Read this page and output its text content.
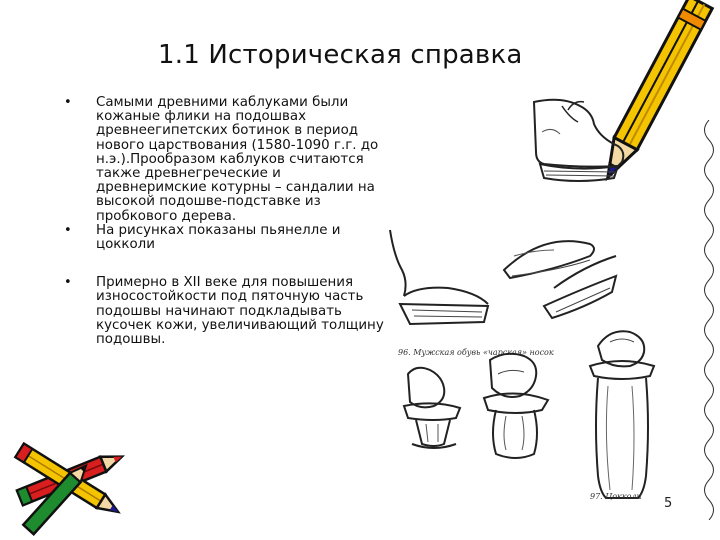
1.1 Историческая справка
• Самыми древними каблуками были кожаные флики на подошвах древнеегипетских ботинок в период нового царствования (1580-1090 г.г. до н.э.).Прообразом каблуков считаются также древнегреческие и древнеримские котурны – сандалии на высокой подошве-подставке из пробкового дерева.
• На рисунках показаны пьянелле и цокколи
• Примерно в XII веке для повышения износостойкости под пяточную часть подошвы начинают подкладывать кусочек кожи, увеличивающий толщину подошвы.
96. Мужская обувь «чарская» носок
97. Цокколи 5
